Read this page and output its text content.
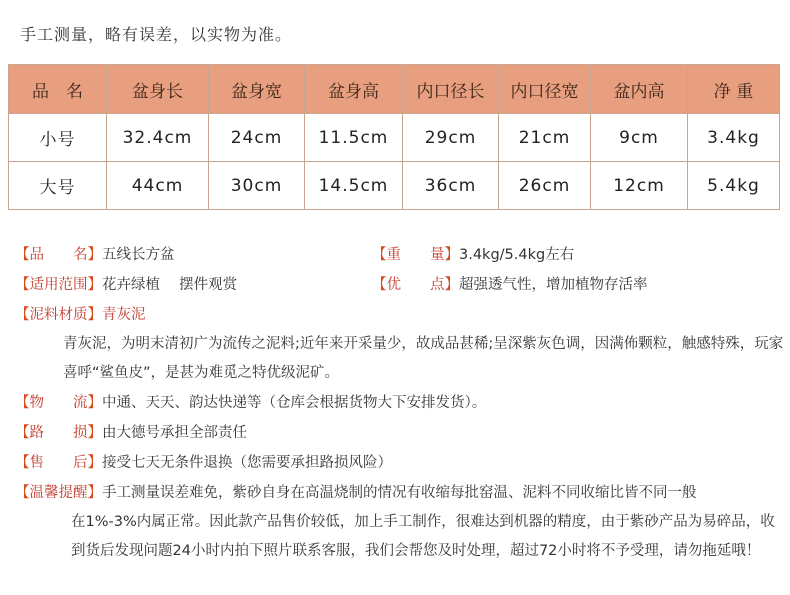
手工测量，略有误差，以实物为准。
品　名	盆身长	盆身宽	盆身高	内口径长	内口径宽	盆内高	净 重
小号	32.4cm	24cm	11.5cm	29cm	21cm	9cm	3.4kg
大号	44cm	30cm	14.5cm	36cm	26cm	12cm	5.4kg
【品　　名】五线长方盆	【重　　量】3.4kg/5.4kg左右
【适用范围】花卉绿植　 摆件观赏	【优　　点】超强透气性，增加植物存活率
【泥料材质】青灰泥
青灰泥，为明末清初广为流传之泥料;近年来开采量少，故成品甚稀;呈深紫灰色调，因满佈颗粒，触感特殊，玩家喜呼“鲨鱼皮”，是甚为难觅之特优级泥矿。
【物　　流】中通、天天、韵达快递等（仓库会根据货物大下安排发货）。
【路　　损】由大德号承担全部责任
【售　　后】接受七天无条件退换（您需要承担路损风险）
【温馨提醒】手工测量误差难免，紫砂自身在高温烧制的情况有收缩每批窑温、泥料不同收缩比皆不同一般
在1%-3%内属正常。因此款产品售价较低，加上手工制作，很难达到机器的精度，由于紫砂产品为易碎品，收到货后发现问题24小时内拍下照片联系客服，我们会帮您及时处理，超过72小时将不予受理，请勿拖延哦！
